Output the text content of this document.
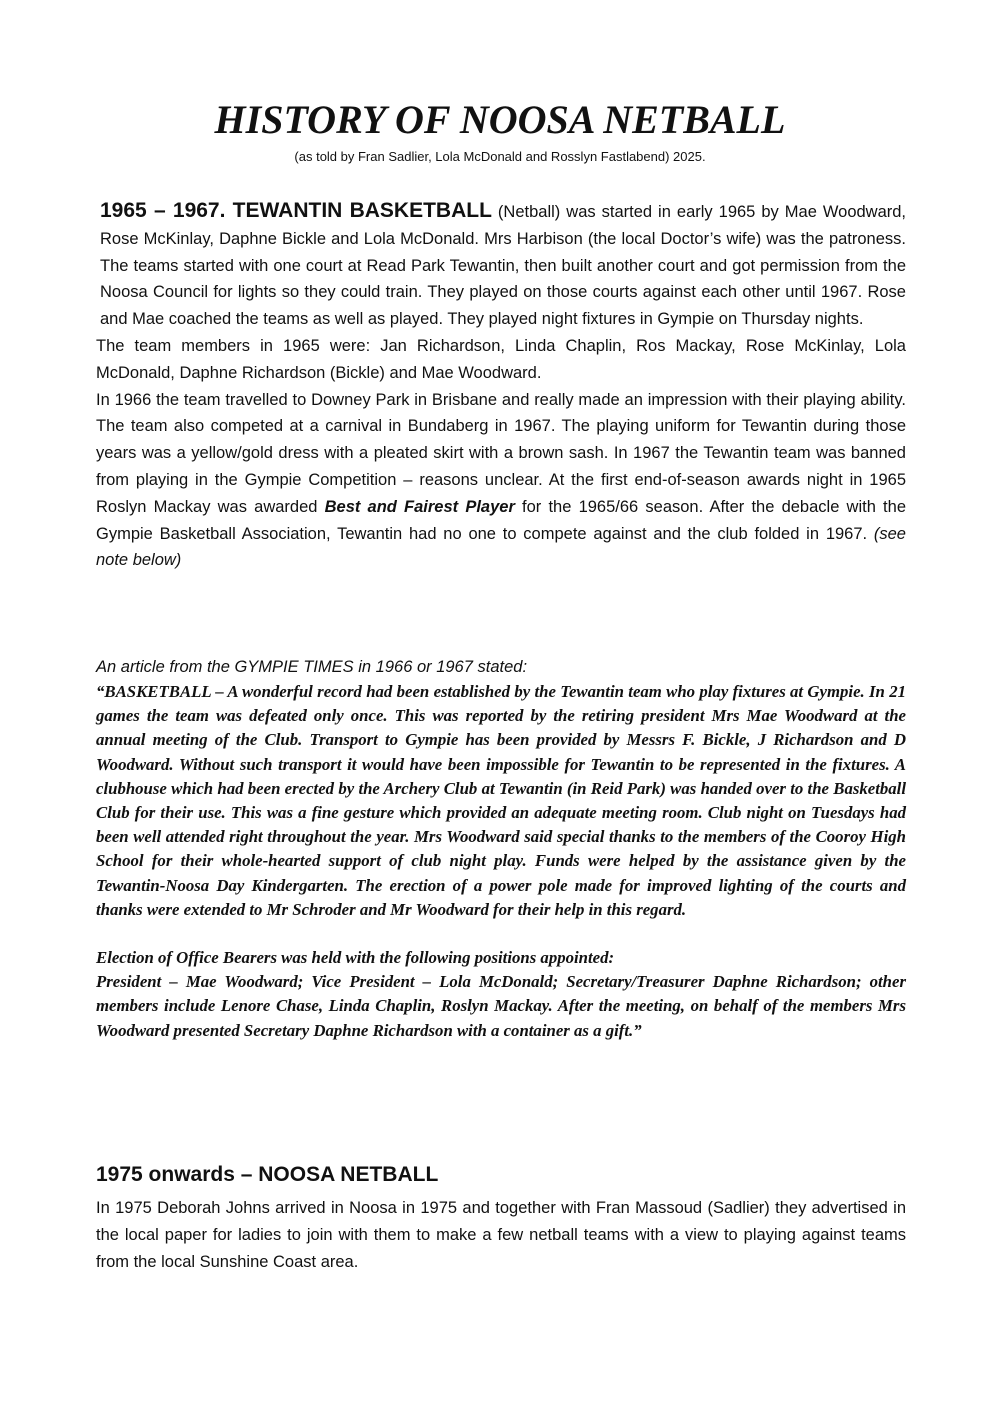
HISTORY OF NOOSA NETBALL
(as told by Fran Sadlier, Lola McDonald and Rosslyn Fastlabend) 2025.

1965 – 1967. TEWANTIN BASKETBALL (Netball) was started in early 1965 by Mae Woodward, Rose McKinlay, Daphne Bickle and Lola McDonald. Mrs Harbison (the local Doctor’s wife) was the patroness. The teams started with one court at Read Park Tewantin, then built another court and got permission from the Noosa Council for lights so they could train. They played on those courts against each other until 1967. Rose and Mae coached the teams as well as played. They played night fixtures in Gympie on Thursday nights.

The team members in 1965 were: Jan Richardson, Linda Chaplin, Ros Mackay, Rose McKinlay, Lola McDonald, Daphne Richardson (Bickle) and Mae Woodward.

In 1966 the team travelled to Downey Park in Brisbane and really made an impression with their playing ability. The team also competed at a carnival in Bundaberg in 1967. The playing uniform for Tewantin during those years was a yellow/gold dress with a pleated skirt with a brown sash. In 1967 the Tewantin team was banned from playing in the Gympie Competition – reasons unclear. At the first end-of-season awards night in 1965 Roslyn Mackay was awarded Best and Fairest Player for the 1965/66 season. After the debacle with the Gympie Basketball Association, Tewantin had no one to compete against and the club folded in 1967. (see note below)

An article from the GYMPIE TIMES in 1966 or 1967 stated:

“BASKETBALL – A wonderful record had been established by the Tewantin team who play fixtures at Gympie. In 21 games the team was defeated only once. This was reported by the retiring president Mrs Mae Woodward at the annual meeting of the Club. Transport to Gympie has been provided by Messrs F. Bickle, J Richardson and D Woodward. Without such transport it would have been impossible for Tewantin to be represented in the fixtures. A clubhouse which had been erected by the Archery Club at Tewantin (in Reid Park) was handed over to the Basketball Club for their use. This was a fine gesture which provided an adequate meeting room. Club night on Tuesdays had been well attended right throughout the year. Mrs Woodward said special thanks to the members of the Cooroy High School for their whole-hearted support of club night play. Funds were helped by the assistance given by the Tewantin-Noosa Day Kindergarten. The erection of a power pole made for improved lighting of the courts and thanks were extended to Mr Schroder and Mr Woodward for their help in this regard.

Election of Office Bearers was held with the following positions appointed:

President – Mae Woodward; Vice President – Lola McDonald; Secretary/Treasurer Daphne Richardson; other members include Lenore Chase, Linda Chaplin, Roslyn Mackay. After the meeting, on behalf of the members Mrs Woodward presented Secretary Daphne Richardson with a container as a gift.”

1975 onwards – NOOSA NETBALL

In 1975 Deborah Johns arrived in Noosa in 1975 and together with Fran Massoud (Sadlier) they advertised in the local paper for ladies to join with them to make a few netball teams with a view to playing against teams from the local Sunshine Coast area.
